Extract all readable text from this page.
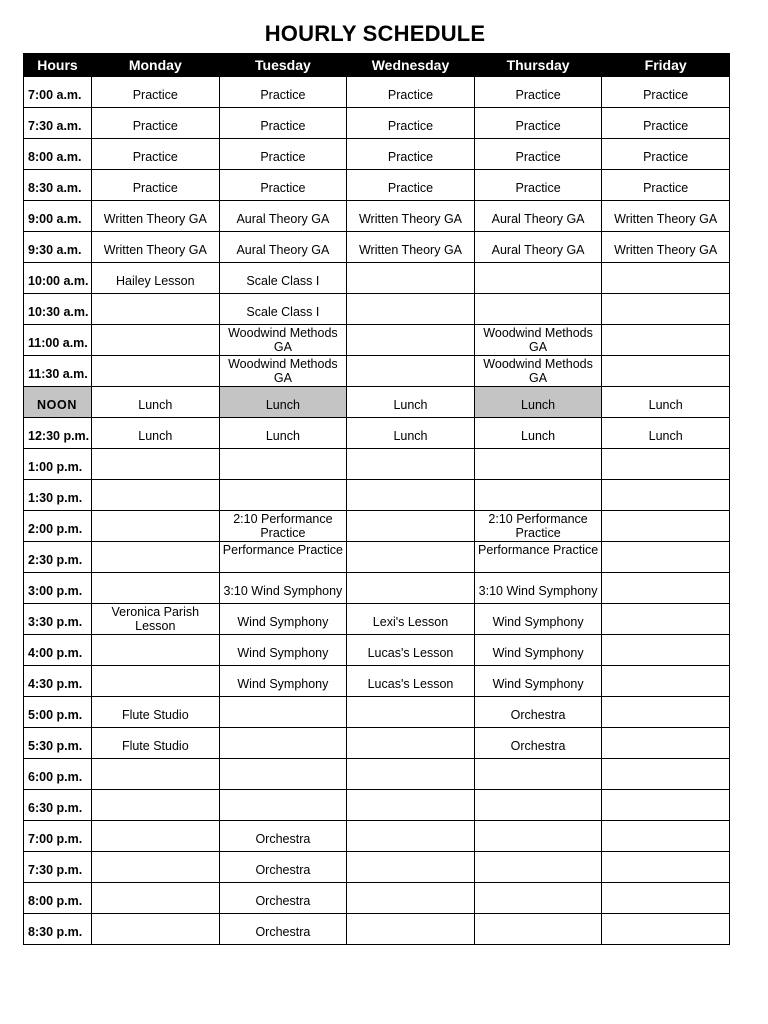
HOURLY SCHEDULE
Hours	Monday	Tuesday	Wednesday	Thursday	Friday
7:00 a.m.	Practice	Practice	Practice	Practice	Practice
7:30 a.m.	Practice	Practice	Practice	Practice	Practice
8:00 a.m.	Practice	Practice	Practice	Practice	Practice
8:30 a.m.	Practice	Practice	Practice	Practice	Practice
9:00 a.m.	Written Theory GA	Aural Theory GA	Written Theory GA	Aural Theory GA	Written Theory GA
9:30 a.m.	Written Theory GA	Aural Theory GA	Written Theory GA	Aural Theory GA	Written Theory GA
10:00 a.m.	Hailey Lesson	Scale Class I			
10:30 a.m.		Scale Class I			
11:00 a.m.		Woodwind Methods GA		Woodwind Methods GA	
11:30 a.m.		Woodwind Methods GA		Woodwind Methods GA	
NOON	Lunch	Lunch	Lunch	Lunch	Lunch
12:30 p.m.	Lunch	Lunch	Lunch	Lunch	Lunch
1:00 p.m.					
1:30 p.m.					
2:00 p.m.		2:10 Performance Practice		2:10 Performance Practice	
2:30 p.m.		Performance Practice		Performance Practice	
3:00 p.m.		3:10 Wind Symphony		3:10 Wind Symphony	
3:30 p.m.	Veronica Parish Lesson	Wind Symphony	Lexi's Lesson	Wind Symphony	
4:00 p.m.		Wind Symphony	Lucas's Lesson	Wind Symphony	
4:30 p.m.		Wind Symphony	Lucas's Lesson	Wind Symphony	
5:00 p.m.	Flute Studio			Orchestra	
5:30 p.m.	Flute Studio			Orchestra	
6:00 p.m.					
6:30 p.m.					
7:00 p.m.		Orchestra			
7:30 p.m.		Orchestra			
8:00 p.m.		Orchestra			
8:30 p.m.		Orchestra			
